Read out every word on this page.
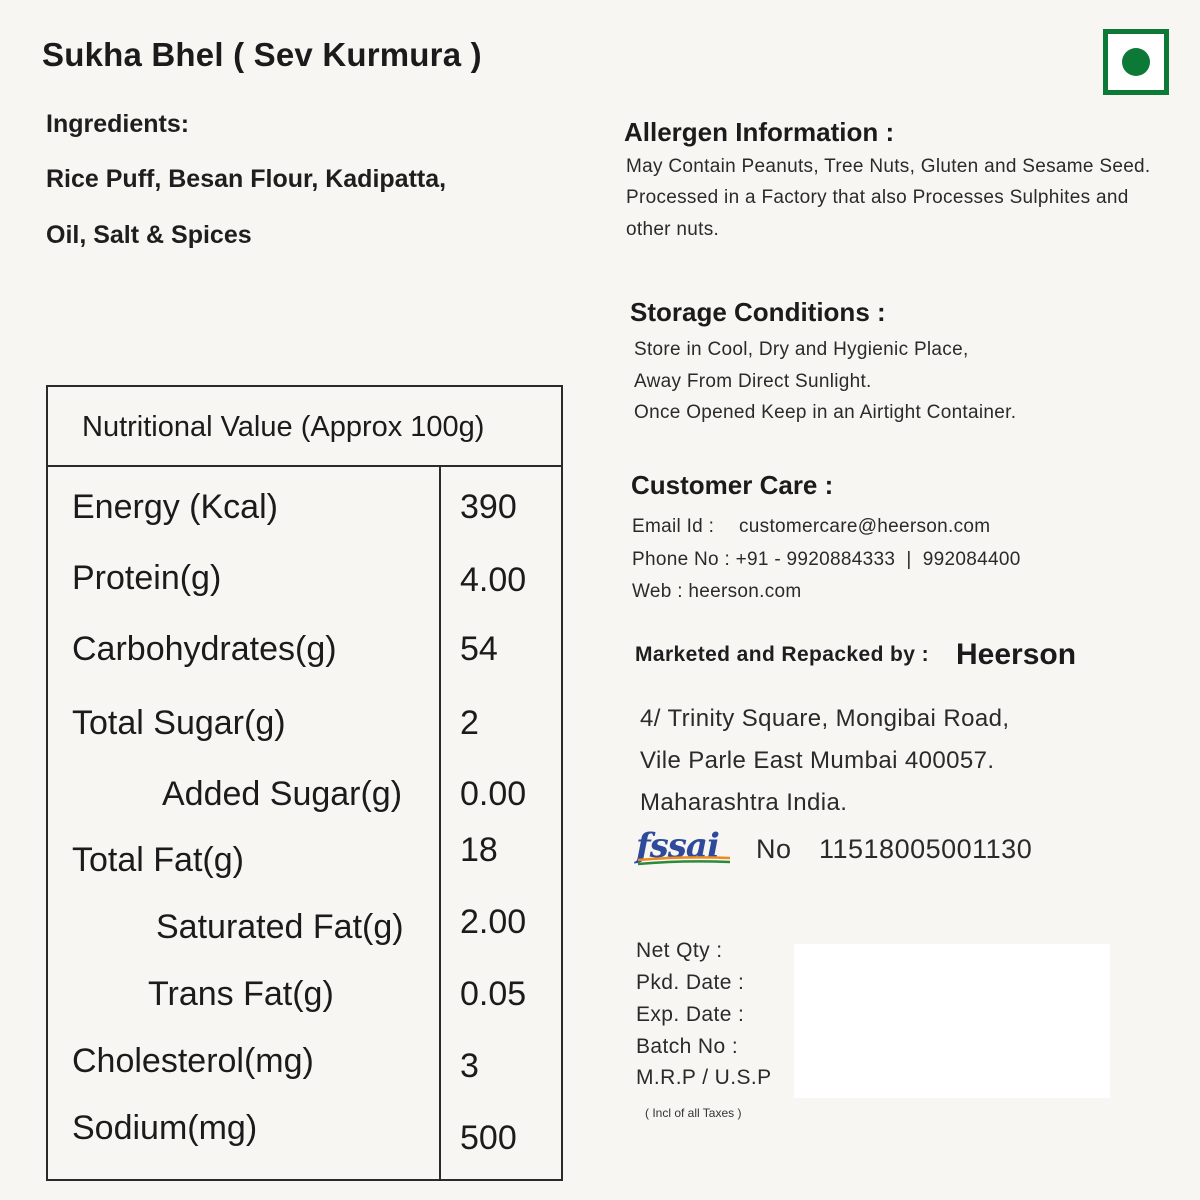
Sukha Bhel ( Sev Kurmura )
Ingredients:
Rice Puff, Besan Flour, Kadipatta,
Oil, Salt & Spices
Nutritional Value (Approx 100g)
Energy (Kcal)	390
Protein(g)	4.00
Carbohydrates(g)	54
Total Sugar(g)	2
Added Sugar(g) 0.00
Total Fat(g)	18
Saturated Fat(g) 2.00
Trans Fat(g)	0.05
Cholesterol(mg)	3
Sodium(mg)	500
Allergen Information :
May Contain Peanuts, Tree Nuts, Gluten and Sesame Seed.
Processed in a Factory that also Processes Sulphites and
other nuts.
Storage Conditions :
Store in Cool, Dry and Hygienic Place,
Away From Direct Sunlight.
Once Opened Keep in an Airtight Container.
Customer Care :
Email Id : customercare@heerson.com
Phone No : +91 - 9920884333  |  992084400
Web : heerson.com
Marketed and Repacked by : Heerson
4/ Trinity Square, Mongibai Road,
Vile Parle East Mumbai 400057.
Maharashtra India.
fssai No 11518005001130
Net Qty :
Pkd. Date :
Exp. Date :
Batch No :
M.R.P / U.S.P
( Incl of all Taxes )
